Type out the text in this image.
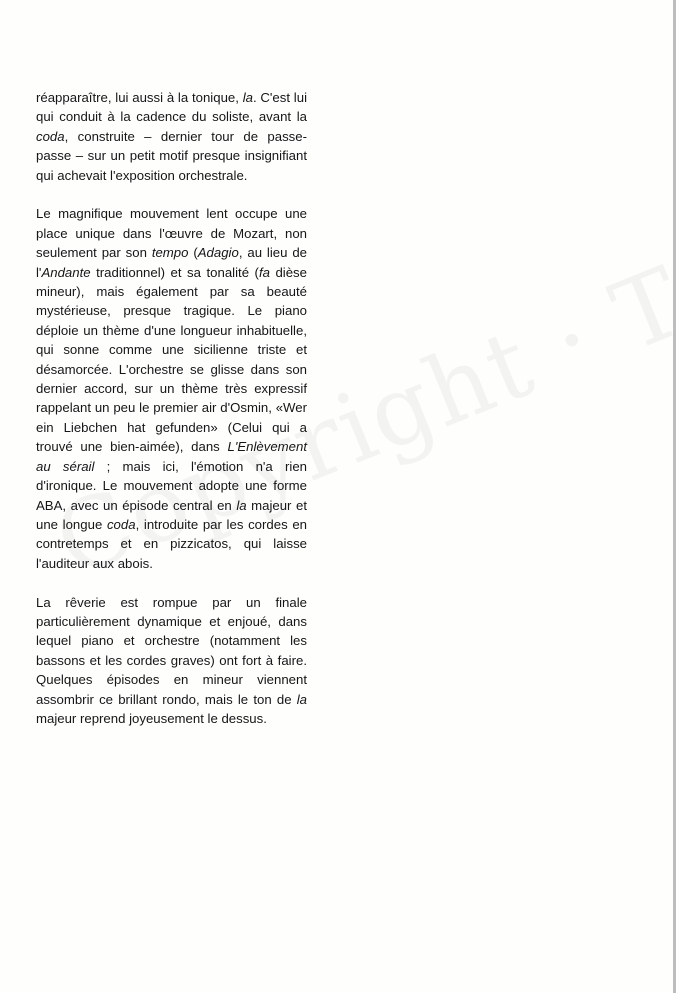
réapparaître, lui aussi à la tonique, la. C'est lui qui conduit à la cadence du soliste, avant la coda, construite – dernier tour de passe-passe – sur un petit motif presque insignifiant qui achevait l'exposition orchestrale.

Le magnifique mouvement lent occupe une place unique dans l'œuvre de Mozart, non seulement par son tempo (Adagio, au lieu de l'Andante traditionnel) et sa tonalité (fa dièse mineur), mais également par sa beauté mystérieuse, presque tragique. Le piano déploie un thème d'une longueur inhabituelle, qui sonne comme une sicilienne triste et désamorcée. L'orchestre se glisse dans son dernier accord, sur un thème très expressif rappelant un peu le premier air d'Osmin, «Wer ein Liebchen hat gefunden» (Celui qui a trouvé une bien-aimée), dans L'Enlèvement au sérail ; mais ici, l'émotion n'a rien d'ironique. Le mouvement adopte une forme ABA, avec un épisode central en la majeur et une longue coda, introduite par les cordes en contretemps et en pizzicatos, qui laisse l'auditeur aux abois.

La rêverie est rompue par un finale particulièrement dynamique et enjoué, dans lequel piano et orchestre (notamment les bassons et les cordes graves) ont fort à faire. Quelques épisodes en mineur viennent assombrir ce brillant rondo, mais le ton de la majeur reprend joyeusement le dessus.
